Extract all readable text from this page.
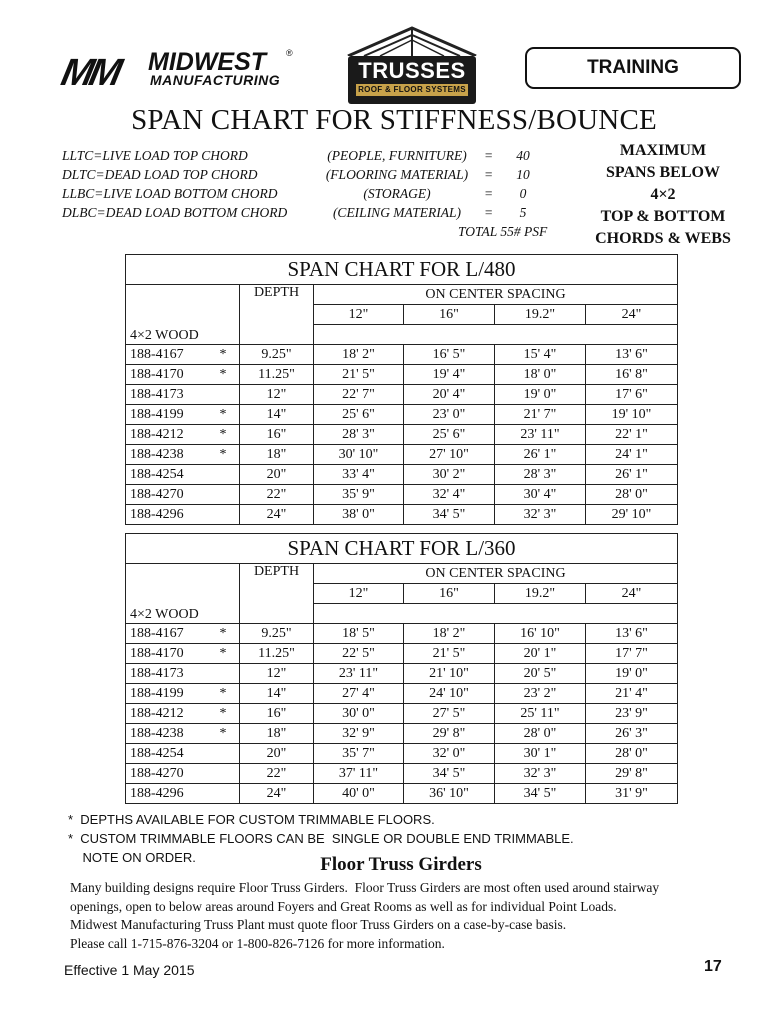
MM MIDWEST
MANUFACTURING
®
TRUSSES
ROOF & FLOOR SYSTEMS
TRAINING
SPAN CHART FOR STIFFNESS/BOUNCE
LLTC=LIVE LOAD TOP CHORD	(PEOPLE, FURNITURE)	= 40
DLTC=DEAD LOAD TOP CHORD	(FLOORING MATERIAL) = 10
LLBC=LIVE LOAD BOTTOM CHORD	(STORAGE)	=	0
DLBC=DEAD LOAD BOTTOM CHORD	(CEILING MATERIAL)	=	5
TOTAL 55# PSF
MAXIMUM
SPANS BELOW
4×2
TOP & BOTTOM
CHORDS & WEBS
SPAN CHART FOR L/480					
4×2 WOOD	DEPTH	ON CENTER SPACING			
		12"	16"	19.2"	24"

188-4167 *	9.25"	18' 2"	16' 5"	15' 4"	13' 6"
188-4170 *	11.25"	21' 5"	19' 4"	18' 0"	16' 8"
188-4173	12"	22' 7"	20' 4"	19' 0"	17' 6"
188-4199 *	14"	25' 6"	23' 0"	21' 7"	19' 10"
188-4212 *	16"	28' 3"	25' 6"	23' 11"	22' 1"
188-4238 *	18"	30' 10"	27' 10"	26' 1"	24' 1"
188-4254	20"	33' 4"	30' 2"	28' 3"	26' 1"
188-4270	22"	35' 9"	32' 4"	30' 4"	28' 0"
188-4296	24"	38' 0"	34' 5"	32' 3"	29' 10"
SPAN CHART FOR L/360					
4×2 WOOD	DEPTH	ON CENTER SPACING			
		12"	16"	19.2"	24"

188-4167 *	9.25"	18' 5"	18' 2"	16' 10"	13' 6"
188-4170 *	11.25"	22' 5"	21' 5"	20' 1"	17' 7"
188-4173	12"	23' 11"	21' 10"	20' 5"	19' 0"
188-4199 *	14"	27' 4"	24' 10"	23' 2"	21' 4"
188-4212 *	16"	30' 0"	27' 5"	25' 11"	23' 9"
188-4238 *	18"	32' 9"	29' 8"	28' 0"	26' 3"
188-4254	20"	35' 7"	32' 0"	30' 1"	28' 0"
188-4270	22"	37' 11"	34' 5"	32' 3"	29' 8"
188-4296	24"	40' 0"	36' 10"	34' 5"	31' 9"
*  DEPTHS AVAILABLE FOR CUSTOM TRIMMABLE FLOORS.
*  CUSTOM TRIMMABLE FLOORS CAN BE  SINGLE OR DOUBLE END TRIMMABLE.
NOTE ON ORDER.	Floor Truss Girders
Many building designs require Floor Truss Girders.  Floor Truss Girders are most often used around stairway
openings, open to below areas around Foyers and Great Rooms as well as for individual Point Loads.
Midwest Manufacturing Truss Plant must quote floor Truss Girders on a case-by-case basis.
Please call 1-715-876-3204 or 1-800-826-7126 for more information.
Effective 1 May 2015	17
